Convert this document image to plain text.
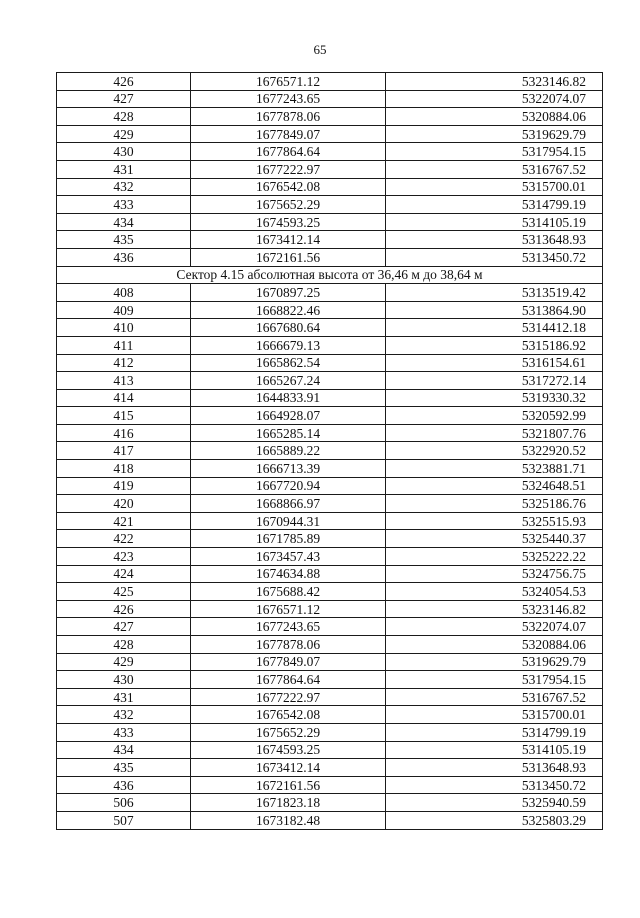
65
426	1676571.12	5323146.82
427	1677243.65	5322074.07
428	1677878.06	5320884.06
429	1677849.07	5319629.79
430	1677864.64	5317954.15
431	1677222.97	5316767.52
432	1676542.08	5315700.01
433	1675652.29	5314799.19
434	1674593.25	5314105.19
435	1673412.14	5313648.93
436	1672161.56	5313450.72
Сектор 4.15 абсолютная высота от 36,46 м до 38,64 м		
408	1670897.25	5313519.42
409	1668822.46	5313864.90
410	1667680.64	5314412.18
411	1666679.13	5315186.92
412	1665862.54	5316154.61
413	1665267.24	5317272.14
414	1644833.91	5319330.32
415	1664928.07	5320592.99
416	1665285.14	5321807.76
417	1665889.22	5322920.52
418	1666713.39	5323881.71
419	1667720.94	5324648.51
420	1668866.97	5325186.76
421	1670944.31	5325515.93
422	1671785.89	5325440.37
423	1673457.43	5325222.22
424	1674634.88	5324756.75
425	1675688.42	5324054.53
426	1676571.12	5323146.82
427	1677243.65	5322074.07
428	1677878.06	5320884.06
429	1677849.07	5319629.79
430	1677864.64	5317954.15
431	1677222.97	5316767.52
432	1676542.08	5315700.01
433	1675652.29	5314799.19
434	1674593.25	5314105.19
435	1673412.14	5313648.93
436	1672161.56	5313450.72
506	1671823.18	5325940.59
507	1673182.48	5325803.29
